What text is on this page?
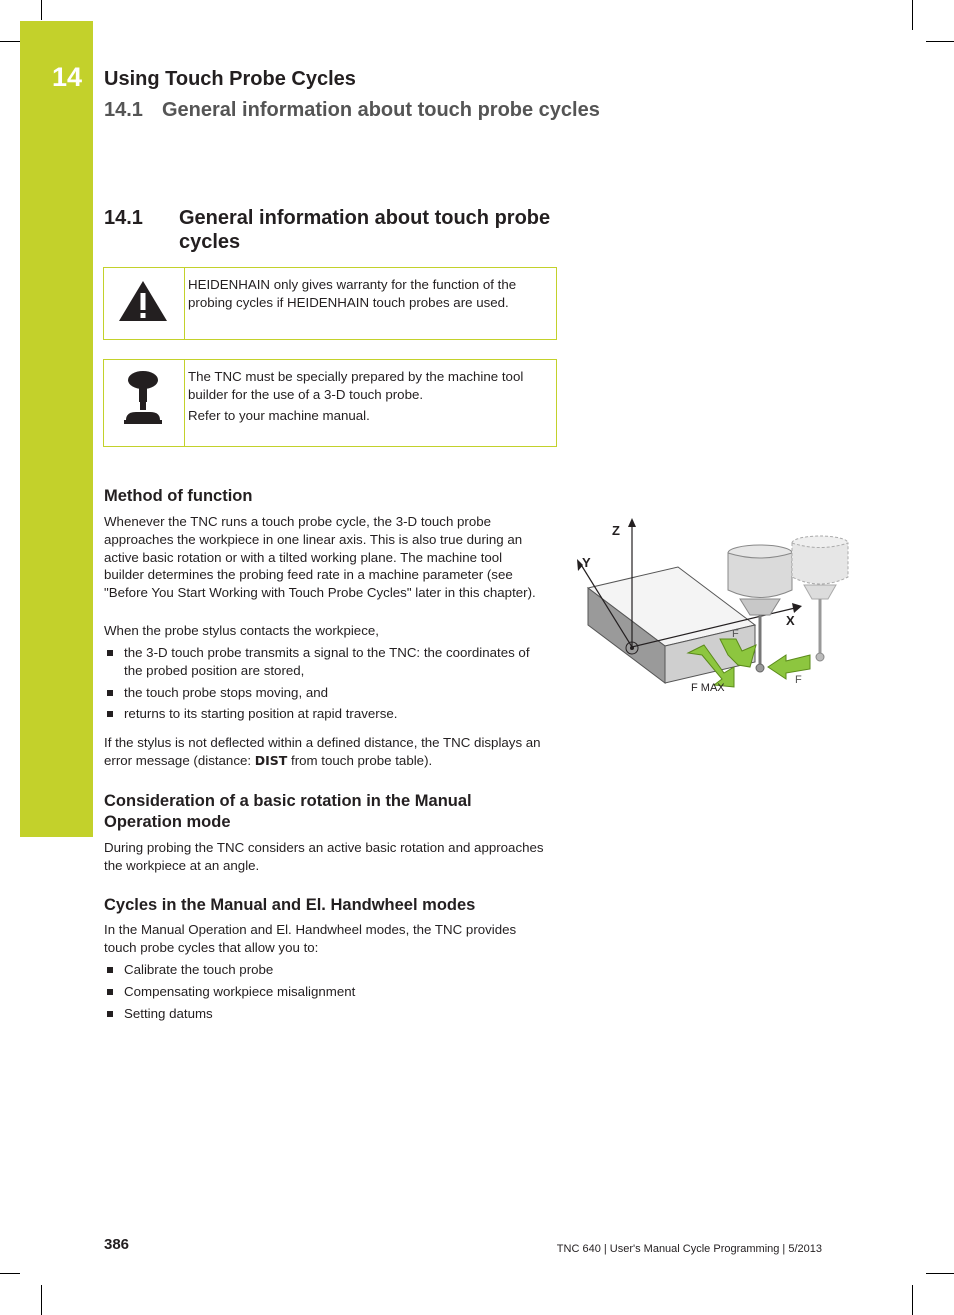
14 Using Touch Probe Cycles
14.1 General information about touch probe cycles
14.1 General information about touch probe cycles

HEIDENHAIN only gives warranty for the function of the probing cycles if HEIDENHAIN touch probes are used.

The TNC must be specially prepared by the machine tool builder for the use of a 3-D touch probe.

Refer to your machine manual.

Method of function

Whenever the TNC runs a touch probe cycle, the 3-D touch probe approaches the workpiece in one linear axis. This is also true during an active basic rotation or with a tilted working plane. The machine tool builder determines the probing feed rate in a machine parameter (see "Before You Start Working with Touch Probe Cycles" later in this chapter).

When the probe stylus contacts the workpiece,

the 3-D touch probe transmits a signal to the TNC: the coordinates of the probed position are stored,
the touch probe stops moving, and
returns to its starting position at rapid traverse.

If the stylus is not deflected within a defined distance, the TNC displays an error message (distance: DIST from touch probe table).

Z
Y
X
F
F MAX
F
Consideration of a basic rotation in the Manual Operation mode

During probing the TNC considers an active basic rotation and approaches the workpiece at an angle.

Cycles in the Manual and El. Handwheel modes

In the Manual Operation and El. Handwheel modes, the TNC provides touch probe cycles that allow you to:

Calibrate the touch probe
Compensating workpiece misalignment
Setting datums
386	TNC 640 | User's Manual Cycle Programming | 5/2013
